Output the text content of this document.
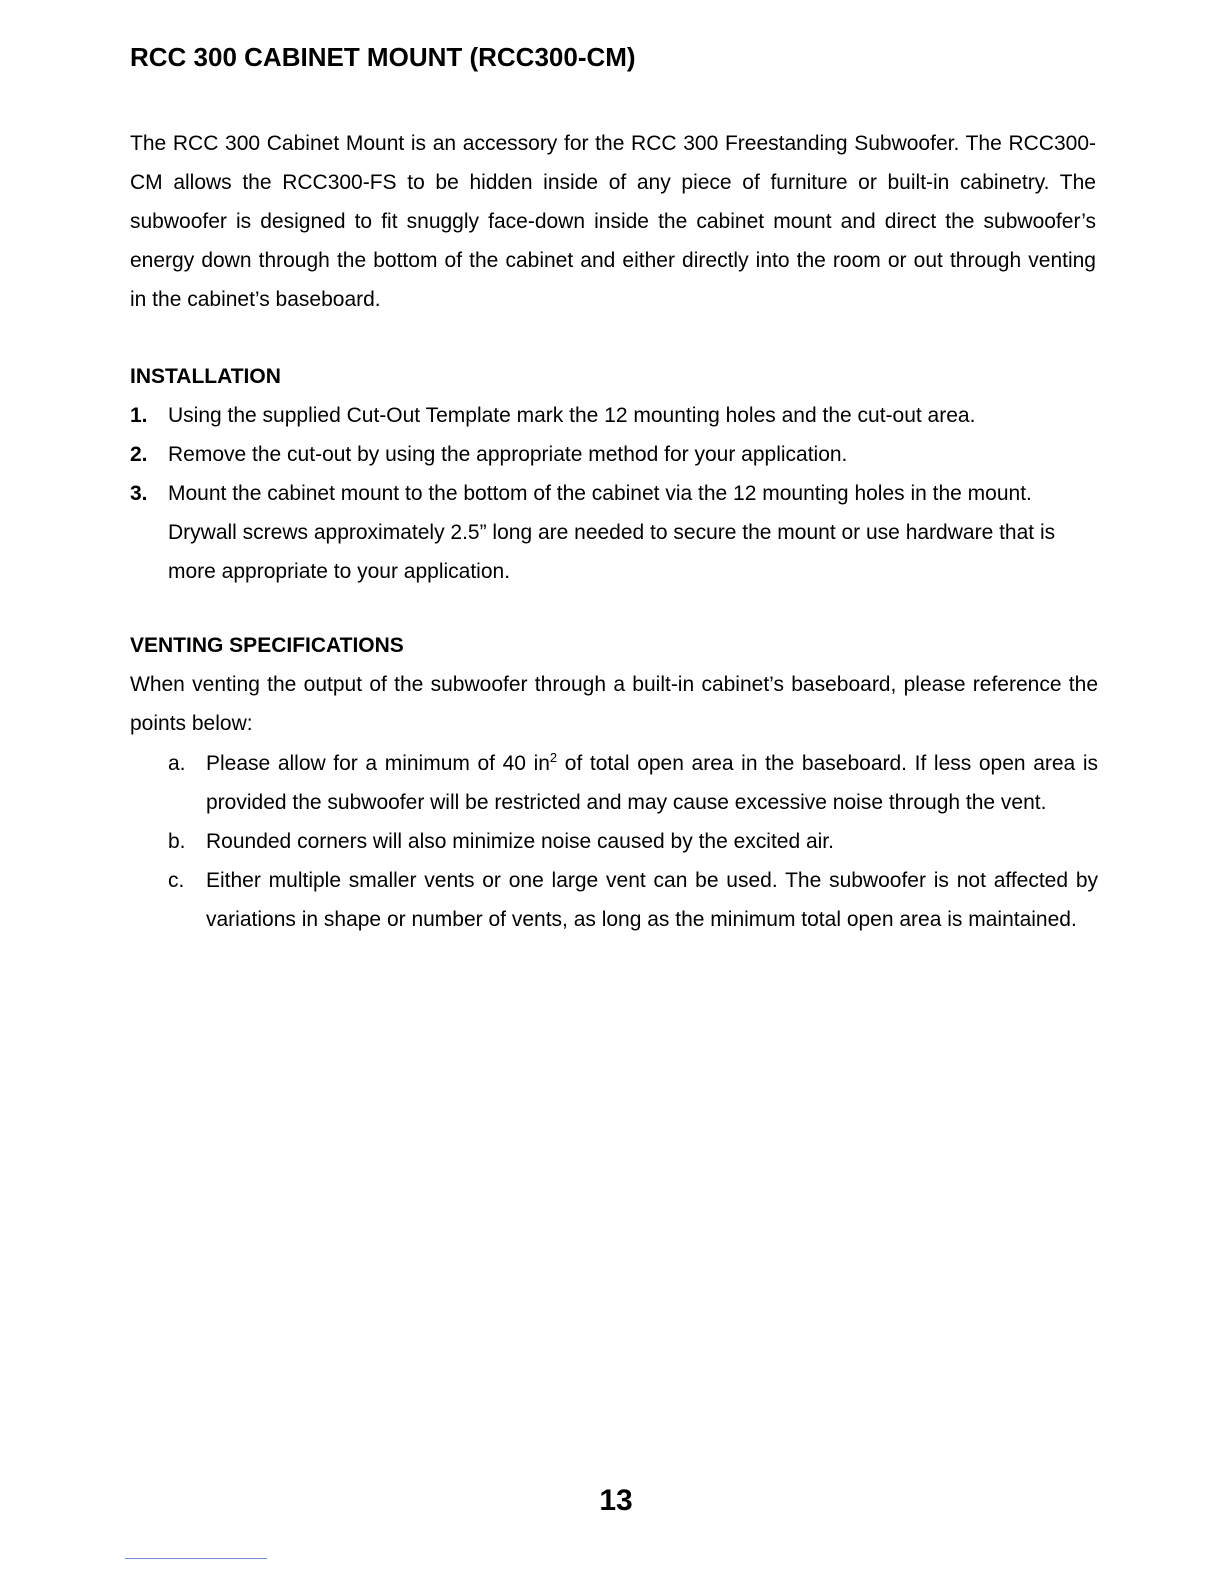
RCC 300 CABINET MOUNT (RCC300-CM)

The RCC 300 Cabinet Mount is an accessory for the RCC 300 Freestanding Subwoofer. The RCC300-CM allows the RCC300-FS to be hidden inside of any piece of furniture or built-in cabinetry. The subwoofer is designed to fit snuggly face-down inside the cabinet mount and direct the subwoofer’s energy down through the bottom of the cabinet and either directly into the room or out through venting in the cabinet’s baseboard.

INSTALLATION
1. Using the supplied Cut-Out Template mark the 12 mounting holes and the cut-out area.
2. Remove the cut-out by using the appropriate method for your application.
3. Mount the cabinet mount to the bottom of the cabinet via the 12 mounting holes in the mount. Drywall screws approximately 2.5” long are needed to secure the mount or use hardware that is more appropriate to your application.
VENTING SPECIFICATIONS

When venting the output of the subwoofer through a built-in cabinet’s baseboard, please reference the points below:

a. Please allow for a minimum of 40 $in^2$ of total open area in the baseboard. If less open area is provided the subwoofer will be restricted and may cause excessive noise through the vent.
b. Rounded corners will also minimize noise caused by the excited air.
c. Either multiple smaller vents or one large vent can be used. The subwoofer is not affected by variations in shape or number of vents, as long as the minimum total open area is maintained.
13
